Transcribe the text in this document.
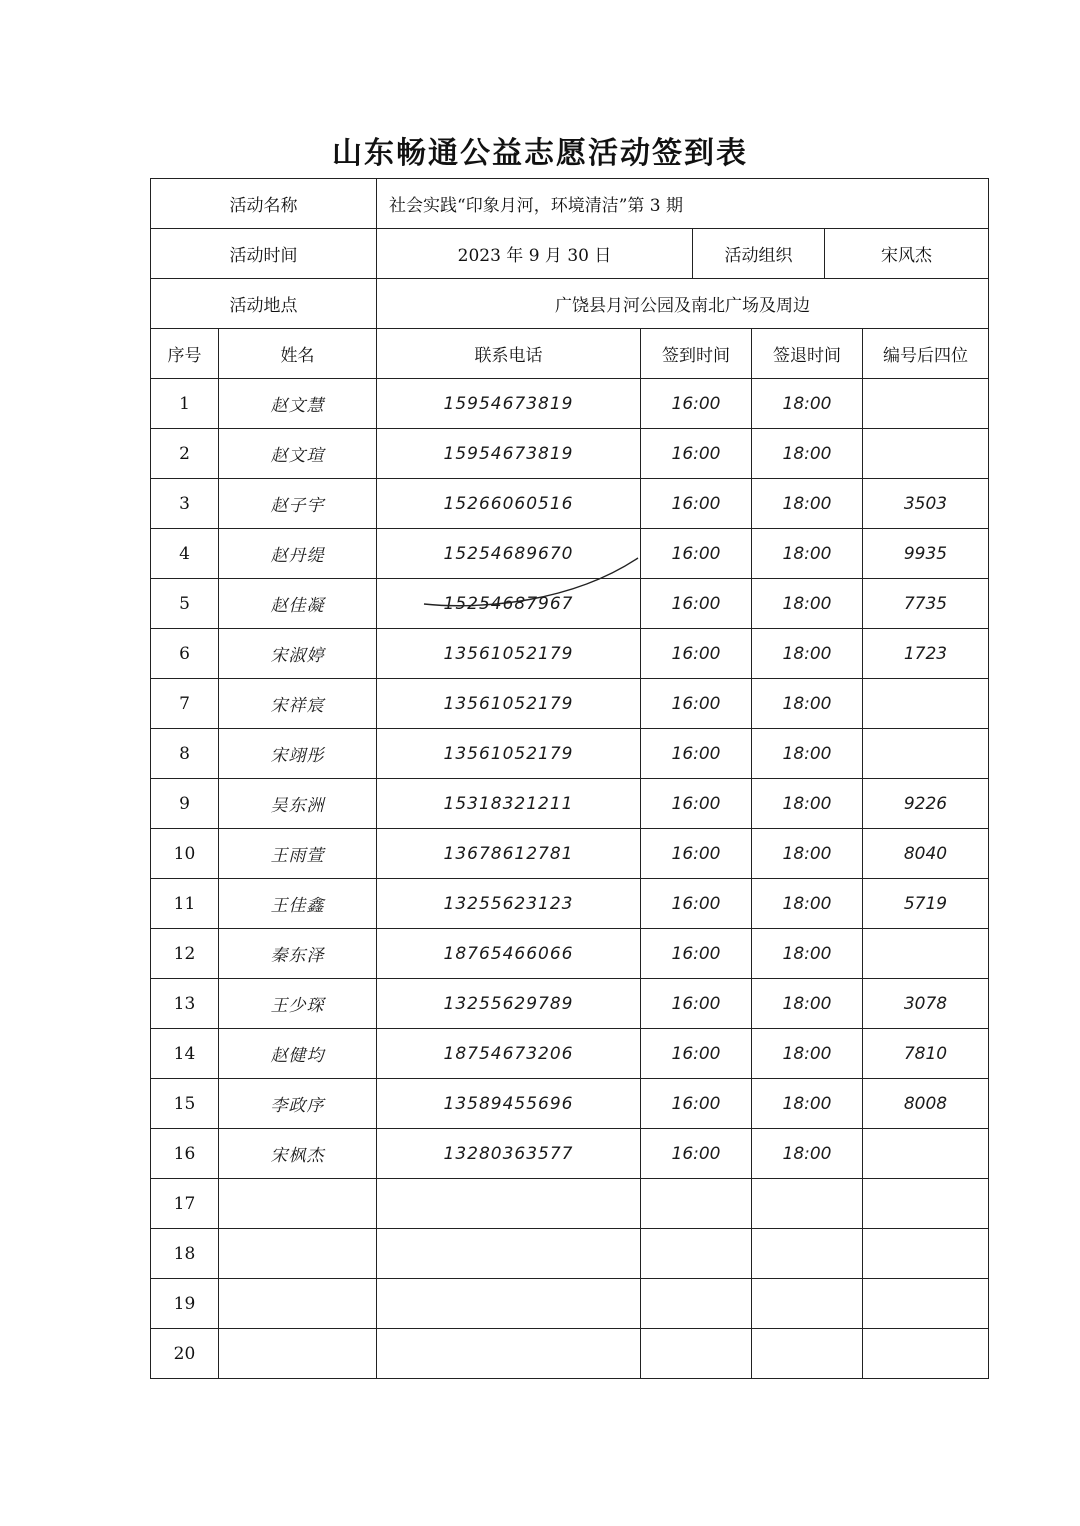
山东畅通公益志愿活动签到表
活动名称	社会实践“印象月河，环境清洁”第 3 期		
活动时间	2023 年 9 月 30 日	活动组织	宋风杰
活动地点	广饶县月河公园及南北广场及周边		
序号	姓名	联系电话	签到时间	签退时间	编号后四位
1	赵文慧	15954673819	16:00	18:00	
2	赵文瑄	15954673819	16:00	18:00	
3	赵子宇	15266060516	16:00	18:00	3503
4	赵丹缇	15254689670	16:00	18:00	9935
5	赵佳凝	15254687967	16:00	18:00	7735
6	宋淑婷	13561052179	16:00	18:00	1723
7	宋祥宸	13561052179	16:00	18:00	
8	宋翊彤	13561052179	16:00	18:00	
9	吴东洲	15318321211	16:00	18:00	9226
10	王雨萱	13678612781	16:00	18:00	8040
11	王佳鑫	13255623123	16:00	18:00	5719
12	秦东泽	18765466066	16:00	18:00	
13	王少琛	13255629789	16:00	18:00	3078
14	赵健均	18754673206	16:00	18:00	7810
15	李政序	13589455696	16:00	18:00	8008
16	宋枫杰	13280363577	16:00	18:00	
17					
18					
19					
20					
